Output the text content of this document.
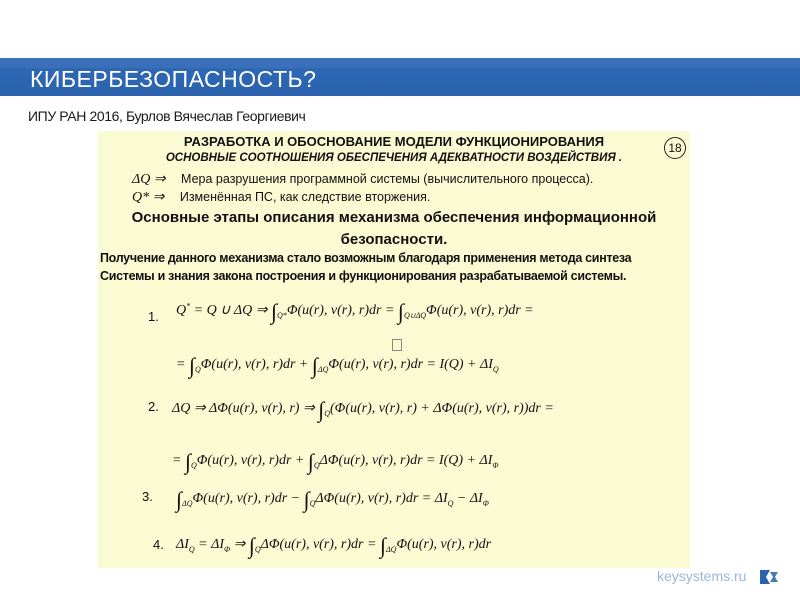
КИБЕРБЕЗОПАСНОСТЬ?
ИПУ РАН 2016, Бурлов Вячеслав Георгиевич
18
РАЗРАБОТКА И ОБОСНОВАНИЕ МОДЕЛИ ФУНКЦИОНИРОВАНИЯ
ОСНОВНЫЕ СООТНОШЕНИЯ ОБЕСПЕЧЕНИЯ АДЕКВАТНОСТИ ВОЗДЕЙСТВИЯ .
ΔQ ⇒ Мера разрушения программной системы (вычислительного процесса).
Q* ⇒ Изменённая ПС, как следствие вторжения.
Основные этапы описания механизма обеспечения информационной
безопасности.
Получение данного механизма стало возможным благодаря применения метода синтеза
Системы и знания закона построения и функционирования разрабатываемой системы.
1. Q* = Q ∪ ΔQ ⇒ $\int_{Q*}\Phi(u(r)$, v(r), $r)dr = \int_{Q\cup\Delta Q}\Phi(u(r)$, v(r), r)dr =
= $\int_Q\Phi(u(r)$, v(r), $r)dr + \int_{\Delta Q}\Phi(u(r)$, v(r), $r)dr = I(Q) + \Delta I_Q$
2. ΔQ ⇒ ΔΦ(u(r), v(r), r) ⇒ $\int_Q(\Phi(u(r)$, v(r), r) + ΔΦ(u(r), v(r), r))dr =
= $\int_Q\Phi(u(r)$, v(r), $r)dr + \int_Q\Delta\Phi(u(r)$, v(r), $r)dr = I(Q) + \Delta I_\Phi$
3. $\int_{\Delta Q}\Phi(u(r)$, v(r), $r)dr - \int_Q\Delta\Phi(u(r)$, v(r), $r)dr = \Delta I_Q - \Delta I_\Phi$
4. $\Delta I_Q = \Delta I_\Phi$ ⇒ $\int_Q\Delta\Phi(u(r)$, v(r), $r)dr = \int_{\Delta Q}\Phi(u(r)$, v(r), r)dr
keysystems.ru
